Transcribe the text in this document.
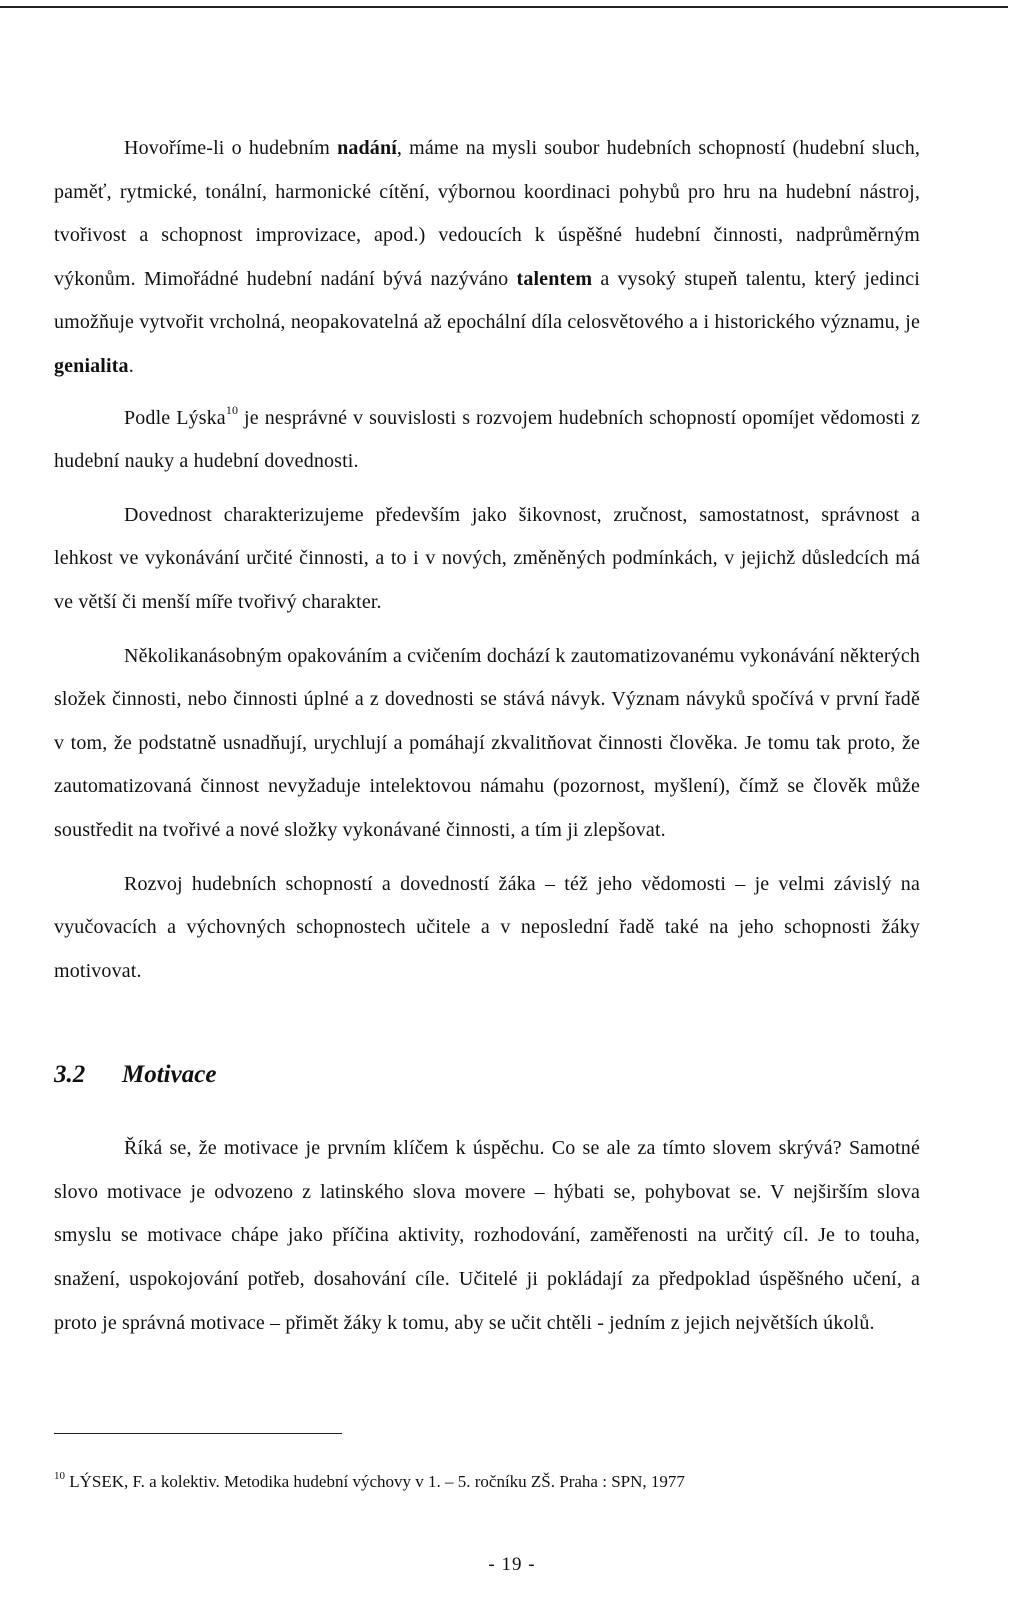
Hovoříme-li o hudebním nadání, máme na mysli soubor hudebních schopností (hudební sluch, paměť, rytmické, tonální, harmonické cítění, výbornou koordinaci pohybů pro hru na hudební nástroj, tvořivost a schopnost improvizace, apod.) vedoucích k úspěšné hudební činnosti, nadprůměrným výkonům. Mimořádné hudební nadání bývá nazýváno talentem a vysoký stupeň talentu, který jedinci umožňuje vytvořit vrcholná, neopakovatelná až epochální díla celosvětového a i historického významu, je genialita.

Podle Lýska$^{10}$ je nesprávné v souvislosti s rozvojem hudebních schopností opomíjet vědomosti z hudební nauky a hudební dovednosti.

Dovednost charakterizujeme především jako šikovnost, zručnost, samostatnost, správnost a lehkost ve vykonávání určité činnosti, a to i v nových, změněných podmínkách, v jejichž důsledcích má ve větší či menší míře tvořivý charakter.

Několikanásobným opakováním a cvičením dochází k zautomatizovanému vykonávání některých složek činnosti, nebo činnosti úplné a z dovednosti se stává návyk. Význam návyků spočívá v první řadě v tom, že podstatně usnadňují, urychlují a pomáhají zkvalitňovat činnosti člověka. Je tomu tak proto, že zautomatizovaná činnost nevyžaduje intelektovou námahu (pozornost, myšlení), čímž se člověk může soustředit na tvořivé a nové složky vykonávané činnosti, a tím ji zlepšovat.

Rozvoj hudebních schopností a dovedností žáka – též jeho vědomosti – je velmi závislý na vyučovacích a výchovných schopnostech učitele a v neposlední řadě také na jeho schopnosti žáky motivovat.

3.2 Motivace

Říká se, že motivace je prvním klíčem k úspěchu. Co se ale za tímto slovem skrývá? Samotné slovo motivace je odvozeno z latinského slova movere – hýbati se, pohybovat se. V nejširším slova smyslu se motivace chápe jako příčina aktivity, rozhodování, zaměřenosti na určitý cíl. Je to touha, snažení, uspokojování potřeb, dosahování cíle. Učitelé ji pokládají za předpoklad úspěšného učení, a proto je správná motivace – přimět žáky k tomu, aby se učit chtěli - jedním z jejich největších úkolů.

$^{10}$ LÝSEK, F. a kolektiv. Metodika hudební výchovy v 1. – 5. ročníku ZŠ. Praha : SPN, 1977
- 19 -
